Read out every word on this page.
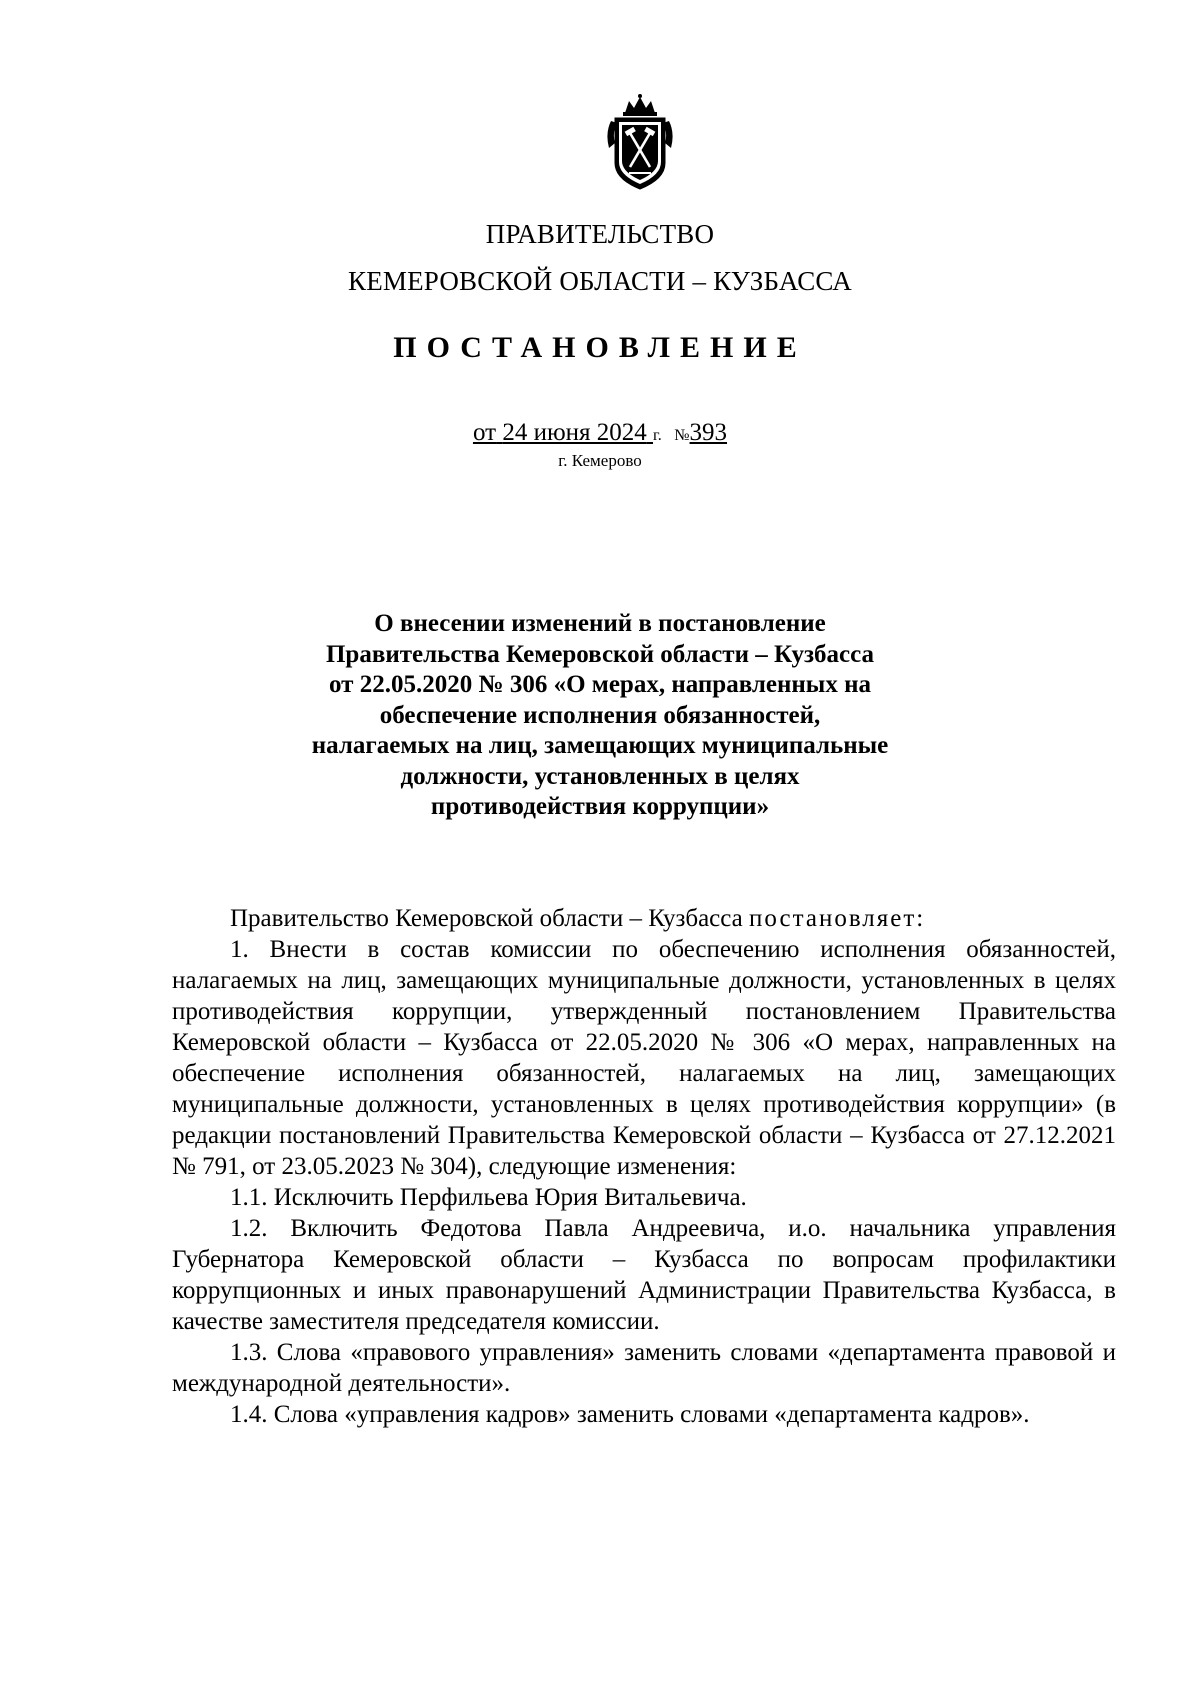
ПРАВИТЕЛЬСТВО
КЕМЕРОВСКОЙ ОБЛАСТИ – КУЗБАССА
ПОСТАНОВЛЕНИЕ
от 24 июня 2024 г. №393
г. Кемерово
О внесении изменений в постановление
Правительства Кемеровской области – Кузбасса
от 22.05.2020 № 306 «О мерах, направленных на
обеспечение исполнения обязанностей,
налагаемых на лиц, замещающих муниципальные
должности, установленных в целях
противодействия коррупции»

Правительство Кемеровской области – Кузбасса постановляет:

1. Внести в состав комиссии по обеспечению исполнения обязанностей, налагаемых на лиц, замещающих муниципальные должности, установленных в целях противодействия коррупции, утвержденный постановлением Правительства Кемеровской области – Кузбасса от 22.05.2020 № 306 «О мерах, направленных на обеспечение исполнения обязанностей, налагаемых на лиц, замещающих муниципальные должности, установленных в целях противодействия коррупции» (в редакции постановлений Правительства Кемеровской области – Кузбасса от 27.12.2021 № 791, от 23.05.2023 № 304), следующие изменения:

1.1. Исключить Перфильева Юрия Витальевича.

1.2. Включить Федотова Павла Андреевича, и.о. начальника управления Губернатора Кемеровской области – Кузбасса по вопросам профилактики коррупционных и иных правонарушений Администрации Правительства Кузбасса, в качестве заместителя председателя комиссии.

1.3. Слова «правового управления» заменить словами «департамента правовой и международной деятельности».

1.4. Слова «управления кадров» заменить словами «департамента кадров».
